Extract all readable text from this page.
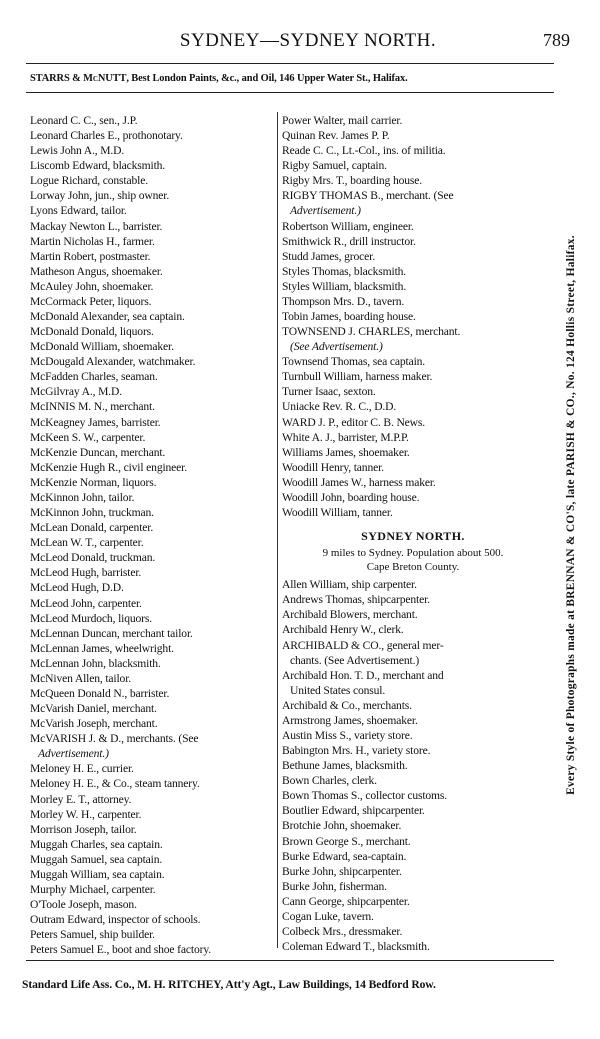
SYDNEY—SYDNEY NORTH.	789
STARRS & McNUTT, Best London Paints, &c., and Oil, 146 Upper Water St., Halifax.
Every Style of Photographs made at BRENNAN & CO'S, late PARISH & CO., No. 124 Hollis Street, Halifax.
Leonard C. C., sen., J.P.
Leonard Charles E., prothonotary.
Lewis John A., M.D.
Liscomb Edward, blacksmith.
Logue Richard, constable.
Lorway John, jun., ship owner.
Lyons Edward, tailor.
Mackay Newton L., barrister.
Martin Nicholas H., farmer.
Martin Robert, postmaster.
Matheson Angus, shoemaker.
McAuley John, shoemaker.
McCormack Peter, liquors.
McDonald Alexander, sea captain.
McDonald Donald, liquors.
McDonald William, shoemaker.
McDougald Alexander, watchmaker.
McFadden Charles, seaman.
McGilvray A., M.D.
McINNIS M. N., merchant.
McKeagney James, barrister.
McKeen S. W., carpenter.
McKenzie Duncan, merchant.
McKenzie Hugh R., civil engineer.
McKenzie Norman, liquors.
McKinnon John, tailor.
McKinnon John, truckman.
McLean Donald, carpenter.
McLean W. T., carpenter.
McLeod Donald, truckman.
McLeod Hugh, barrister.
McLeod Hugh, D.D.
McLeod John, carpenter.
McLeod Murdoch, liquors.
McLennan Duncan, merchant tailor.
McLennan James, wheelwright.
McLennan John, blacksmith.
McNiven Allen, tailor.
McQueen Donald N., barrister.
McVarish Daniel, merchant.
McVarish Joseph, merchant.
McVARISH J. & D., merchants. (See
Advertisement.)
Meloney H. E., currier.
Meloney H. E., & Co., steam tannery.
Morley E. T., attorney.
Morley W. H., carpenter.
Morrison Joseph, tailor.
Muggah Charles, sea captain.
Muggah Samuel, sea captain.
Muggah William, sea captain.
Murphy Michael, carpenter.
O'Toole Joseph, mason.
Outram Edward, inspector of schools.
Peters Samuel, ship builder.
Peters Samuel E., boot and shoe factory.
Power Walter, mail carrier.
Quinan Rev. James P. P.
Reade C. C., Lt.-Col., ins. of militia.
Rigby Samuel, captain.
Rigby Mrs. T., boarding house.
RIGBY THOMAS B., merchant. (See
Advertisement.)
Robertson William, engineer.
Smithwick R., drill instructor.
Studd James, grocer.
Styles Thomas, blacksmith.
Styles William, blacksmith.
Thompson Mrs. D., tavern.
Tobin James, boarding house.
TOWNSEND J. CHARLES, merchant.
(See Advertisement.)
Townsend Thomas, sea captain.
Turnbull William, harness maker.
Turner Isaac, sexton.
Uniacke Rev. R. C., D.D.
WARD J. P., editor C. B. News.
White A. J., barrister, M.P.P.
Williams James, shoemaker.
Woodill Henry, tanner.
Woodill James W., harness maker.
Woodill John, boarding house.
Woodill William, tanner.
SYDNEY NORTH.
9 miles to Sydney. Population about 500.
Cape Breton County.
Allen William, ship carpenter.
Andrews Thomas, shipcarpenter.
Archibald Blowers, merchant.
Archibald Henry W., clerk.
ARCHIBALD & CO., general mer-
chants. (See Advertisement.)
Archibald Hon. T. D., merchant and
United States consul.
Archibald & Co., merchants.
Armstrong James, shoemaker.
Austin Miss S., variety store.
Babington Mrs. H., variety store.
Bethune James, blacksmith.
Bown Charles, clerk.
Bown Thomas S., collector customs.
Boutlier Edward, shipcarpenter.
Brotchie John, shoemaker.
Brown George S., merchant.
Burke Edward, sea-captain.
Burke John, shipcarpenter.
Burke John, fisherman.
Cann George, shipcarpenter.
Cogan Luke, tavern.
Colbeck Mrs., dressmaker.
Coleman Edward T., blacksmith.
Standard Life Ass. Co., M. H. RITCHEY, Att'y Agt., Law Buildings, 14 Bedford Row.
